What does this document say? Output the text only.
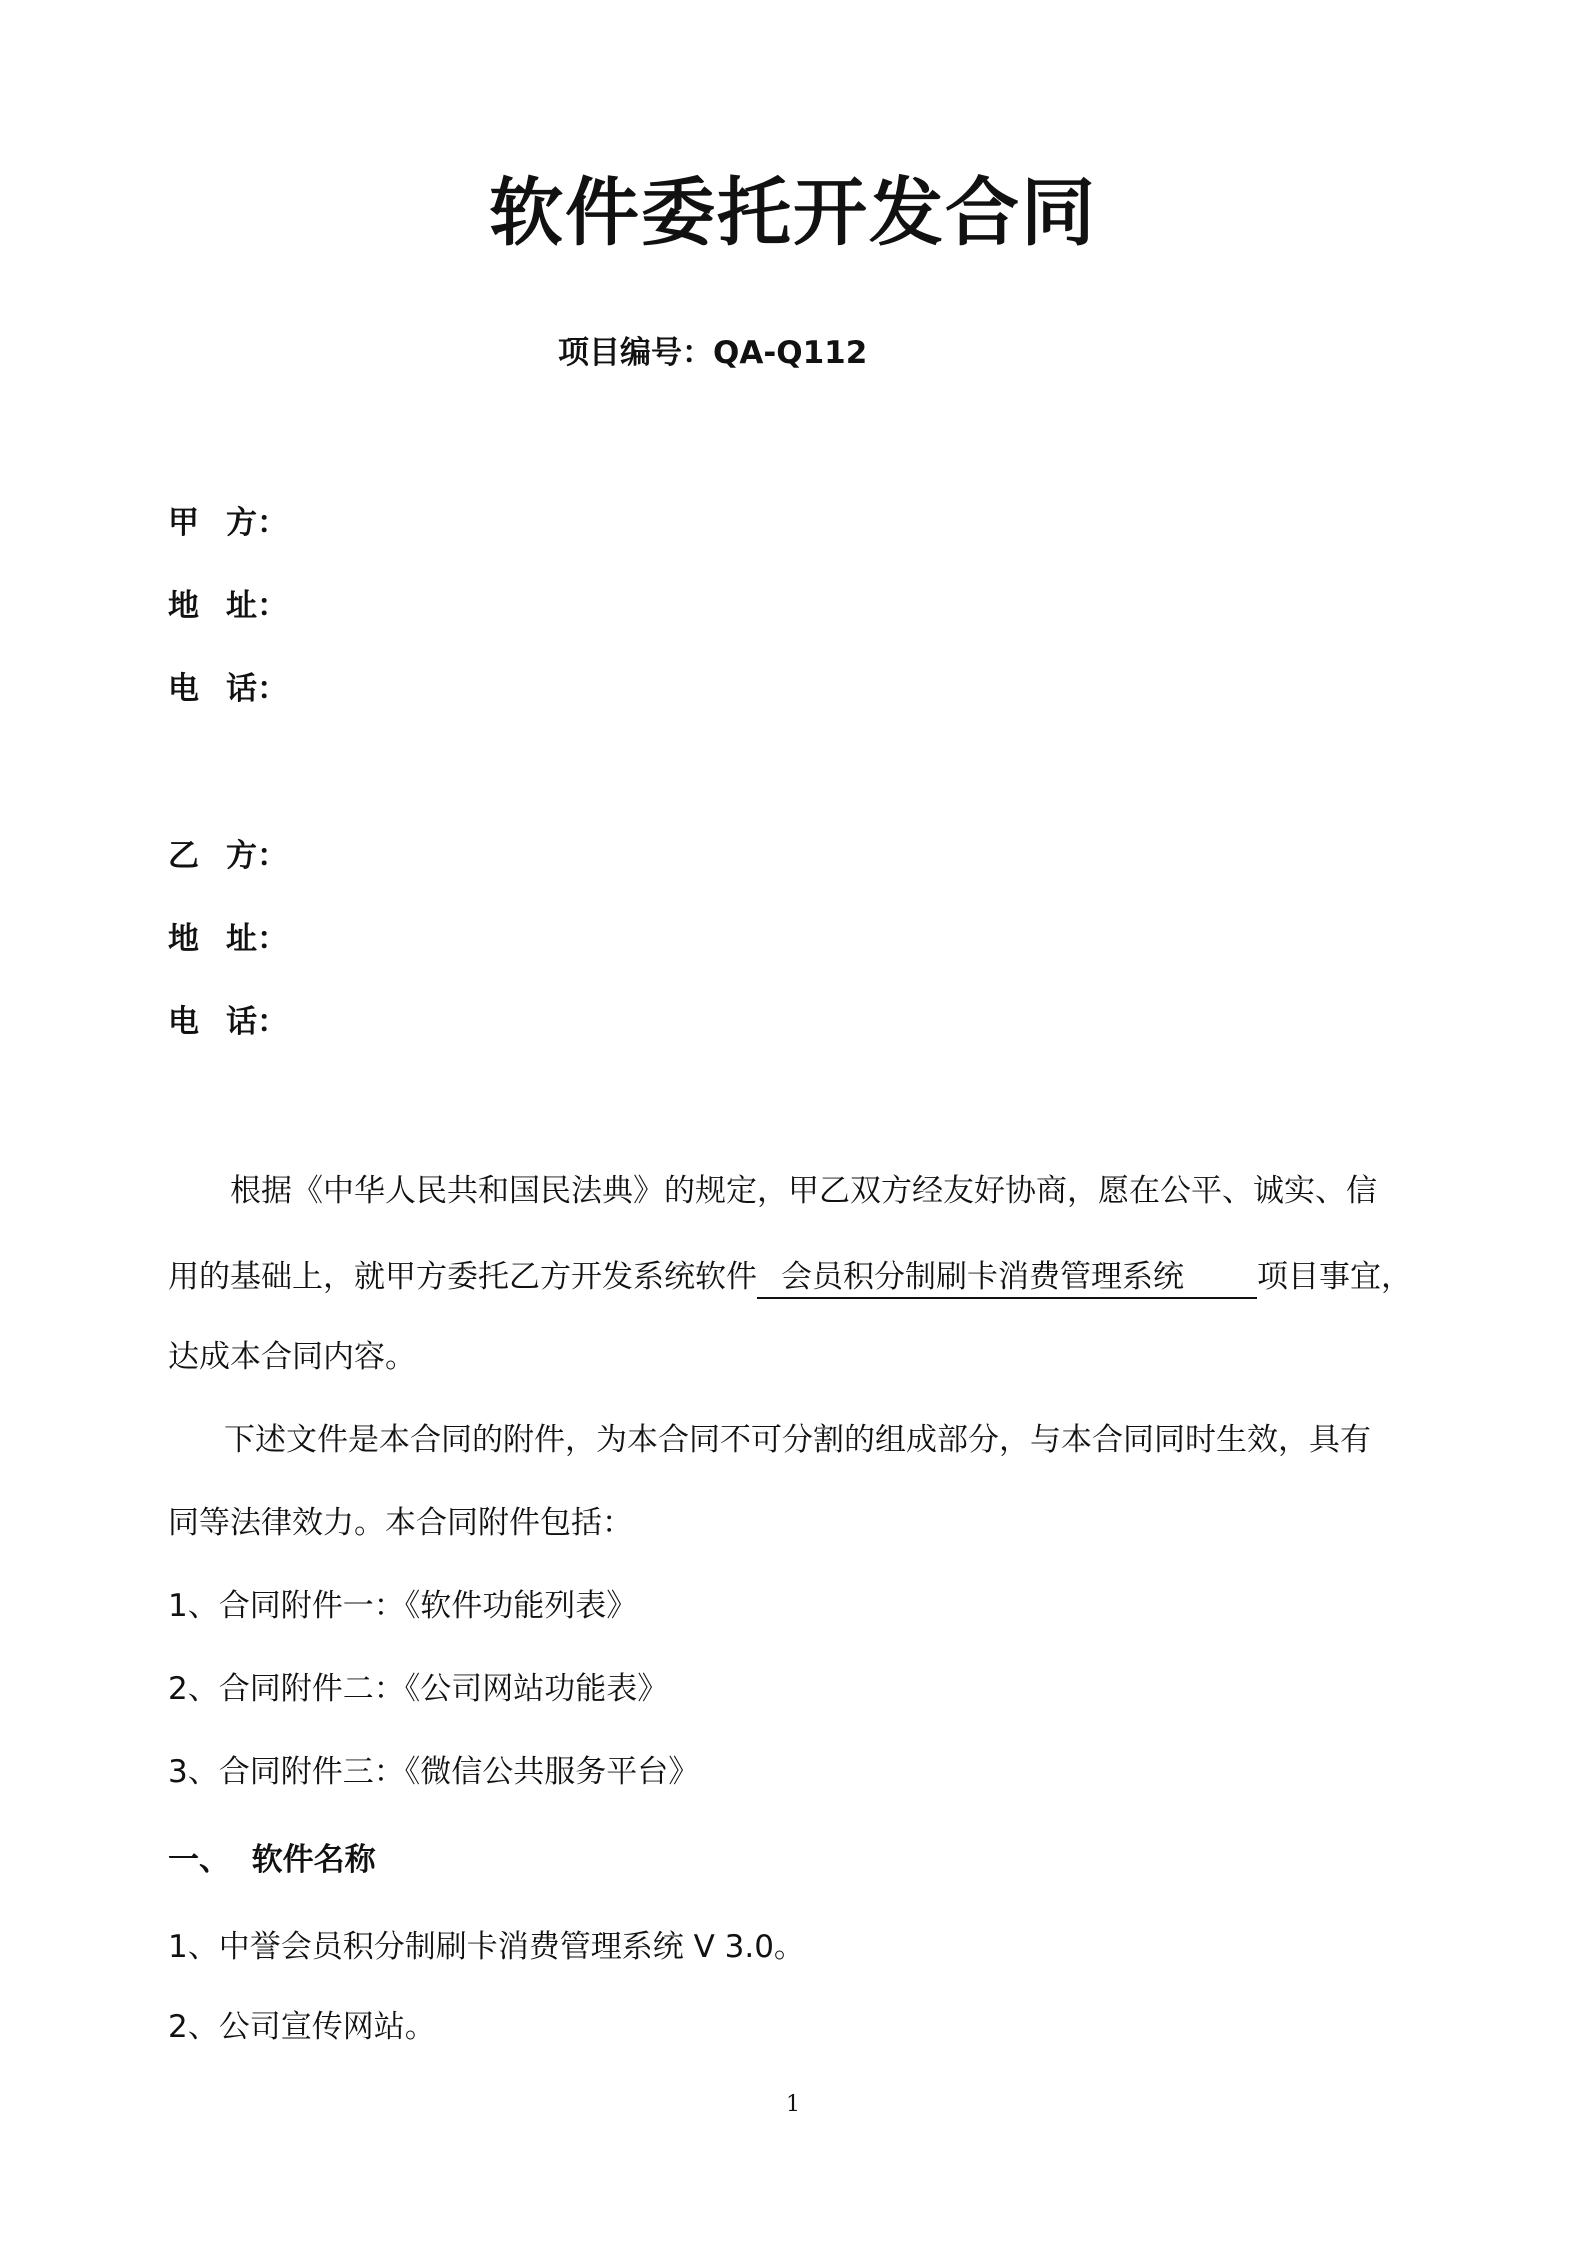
软件委托开发合同
项目编号：QA-Q112
甲 方：
地 址：
电 话：
乙 方：
地 址：
电 话：
根据《中华人民共和国民法典》的规定，甲乙双方经友好协商，愿在公平、诚实、信
用的基础上，就甲方委托乙方开发系统软件 会员积分制刷卡消费管理系统 项目事宜，
达成本合同内容。
下述文件是本合同的附件，为本合同不可分割的组成部分，与本合同同时生效，具有
同等法律效力。本合同附件包括：
1、合同附件一：《软件功能列表》
2、合同附件二：《公司网站功能表》
3、合同附件三：《微信公共服务平台》
一、  软件名称
1、中誉会员积分制刷卡消费管理系统 V 3.0。
2、公司宣传网站。
1
